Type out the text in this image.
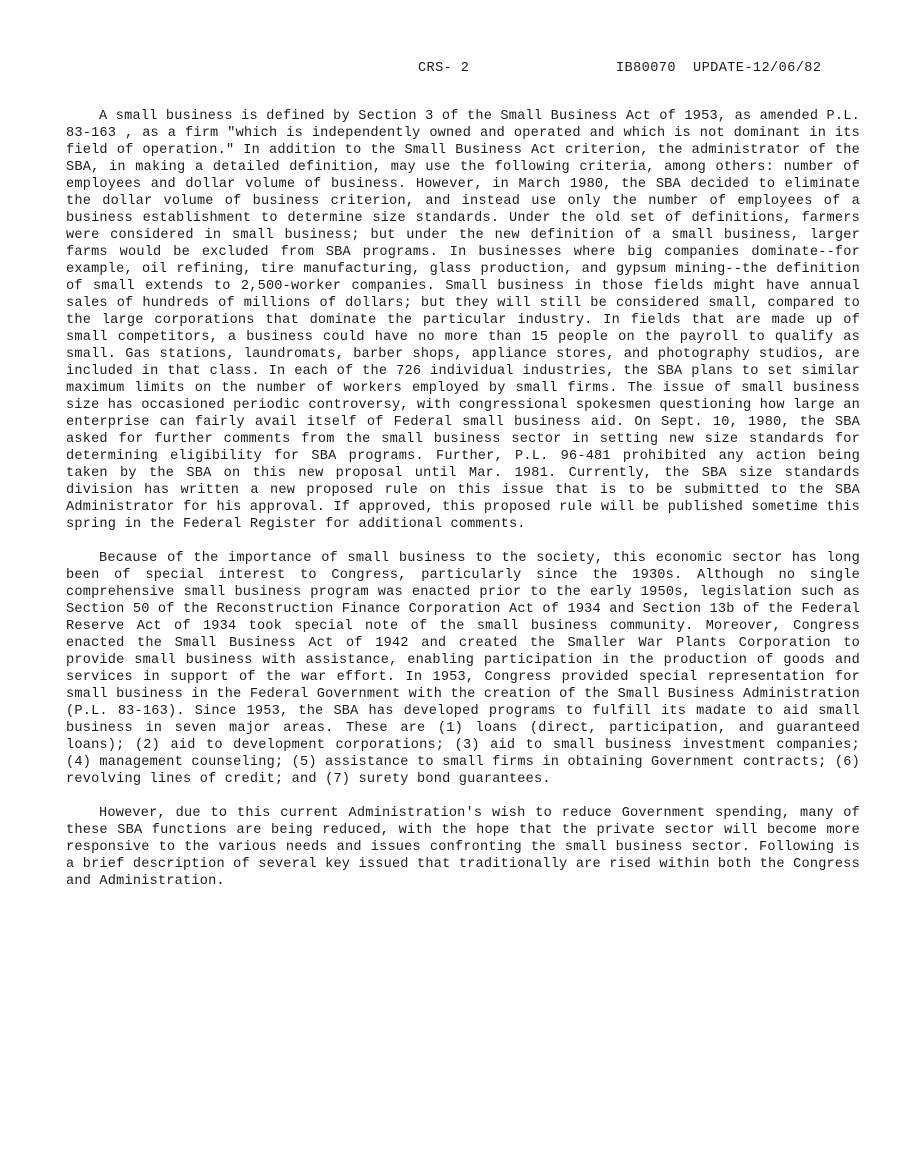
CRS- 2	IB80070  UPDATE-12/06/82

A small business is defined by Section 3 of the Small Business Act of 1953, as amended P.L. 83-163 , as a firm "which is independently owned and operated and which is not dominant in its field of operation." In addition to the Small Business Act criterion, the administrator of the SBA, in making a detailed definition, may use the following criteria, among others: number of employees and dollar volume of business. However, in March 1980, the SBA decided to eliminate the dollar volume of business criterion, and instead use only the number of employees of a business establishment to determine size standards. Under the old set of definitions, farmers were considered in small business; but under the new definition of a small business, larger farms would be excluded from SBA programs. In businesses where big companies dominate--for example, oil refining, tire manufacturing, glass production, and gypsum mining--the definition of small extends to 2,500-worker companies. Small business in those fields might have annual sales of hundreds of millions of dollars; but they will still be considered small, compared to the large corporations that dominate the particular industry. In fields that are made up of small competitors, a business could have no more than 15 people on the payroll to qualify as small. Gas stations, laundromats, barber shops, appliance stores, and photography studios, are included in that class. In each of the 726 individual industries, the SBA plans to set similar maximum limits on the number of workers employed by small firms. The issue of small business size has occasioned periodic controversy, with congressional spokesmen questioning how large an enterprise can fairly avail itself of Federal small business aid. On Sept. 10, 1980, the SBA asked for further comments from the small business sector in setting new size standards for determining eligibility for SBA programs. Further, P.L. 96-481 prohibited any action being taken by the SBA on this new proposal until Mar. 1981. Currently, the SBA size standards division has written a new proposed rule on this issue that is to be submitted to the SBA Administrator for his approval. If approved, this proposed rule will be published sometime this spring in the Federal Register for additional comments.

Because of the importance of small business to the society, this economic sector has long been of special interest to Congress, particularly since the 1930s. Although no single comprehensive small business program was enacted prior to the early 1950s, legislation such as Section 50 of the Reconstruction Finance Corporation Act of 1934 and Section 13b of the Federal Reserve Act of 1934 took special note of the small business community. Moreover, Congress enacted the Small Business Act of 1942 and created the Smaller War Plants Corporation to provide small business with assistance, enabling participation in the production of goods and services in support of the war effort. In 1953, Congress provided special representation for small business in the Federal Government with the creation of the Small Business Administration (P.L. 83-163). Since 1953, the SBA has developed programs to fulfill its madate to aid small business in seven major areas. These are (1) loans (direct, participation, and guaranteed loans); (2) aid to development corporations; (3) aid to small business investment companies; (4) management counseling; (5) assistance to small firms in obtaining Government contracts; (6) revolving lines of credit; and (7) surety bond guarantees.

However, due to this current Administration's wish to reduce Government spending, many of these SBA functions are being reduced, with the hope that the private sector will become more responsive to the various needs and issues confronting the small business sector. Following is a brief description of several key issued that traditionally are rised within both the Congress and Administration.
